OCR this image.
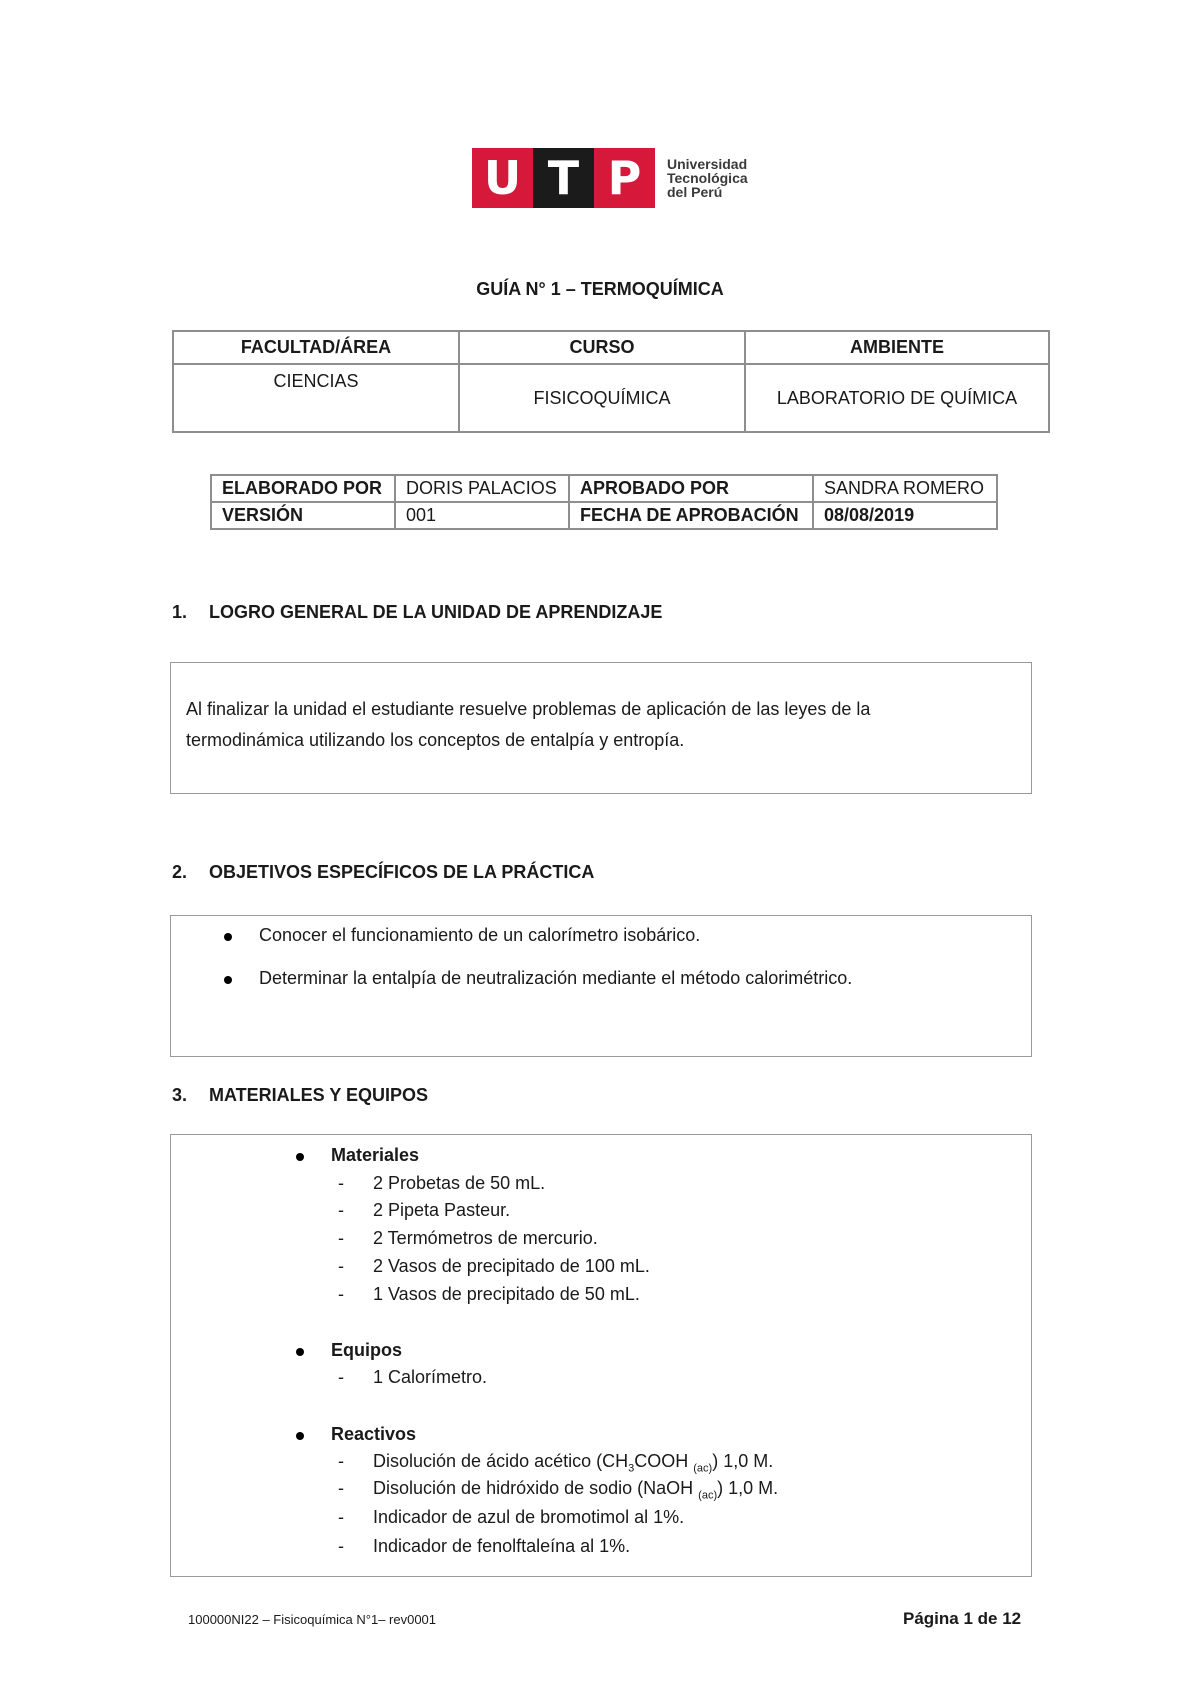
U T P	Universidad
Tecnológica
del Perú
GUÍA N° 1 – TERMOQUÍMICA
FACULTAD/ÁREA	CURSO	AMBIENTE
CIENCIAS	FISICOQUÍMICA	LABORATORIO DE QUÍMICA
ELABORADO POR	DORIS PALACIOS	APROBADO POR	SANDRA ROMERO
VERSIÓN	001	FECHA DE APROBACIÓN	08/08/2019
1. LOGRO GENERAL DE LA UNIDAD DE APRENDIZAJE
Al finalizar la unidad el estudiante resuelve problemas de aplicación de las leyes de la
termodinámica utilizando los conceptos de entalpía y entropía.
2. OBJETIVOS ESPECÍFICOS DE LA PRÁCTICA
Conocer el funcionamiento de un calorímetro isobárico.
Determinar la entalpía de neutralización mediante el método calorimétrico.
3. MATERIALES Y EQUIPOS
Materiales
- 2 Probetas de 50 mL.
- 2 Pipeta Pasteur.
- 2 Termómetros de mercurio.
- 2 Vasos de precipitado de 100 mL.
- 1 Vasos de precipitado de 50 mL.
Equipos
- 1 Calorímetro.
Reactivos
- Disolución de ácido acético ($CH_3COOH$ $_{(ac)}$) 1,0 M.
- Disolución de hidróxido de sodio (NaOH $_{(ac)}$) 1,0 M.
- Indicador de azul de bromotimol al 1%.
- Indicador de fenolftaleína al 1%.
100000NI22 – Fisicoquímica N°1– rev0001	Página 1 de 12
